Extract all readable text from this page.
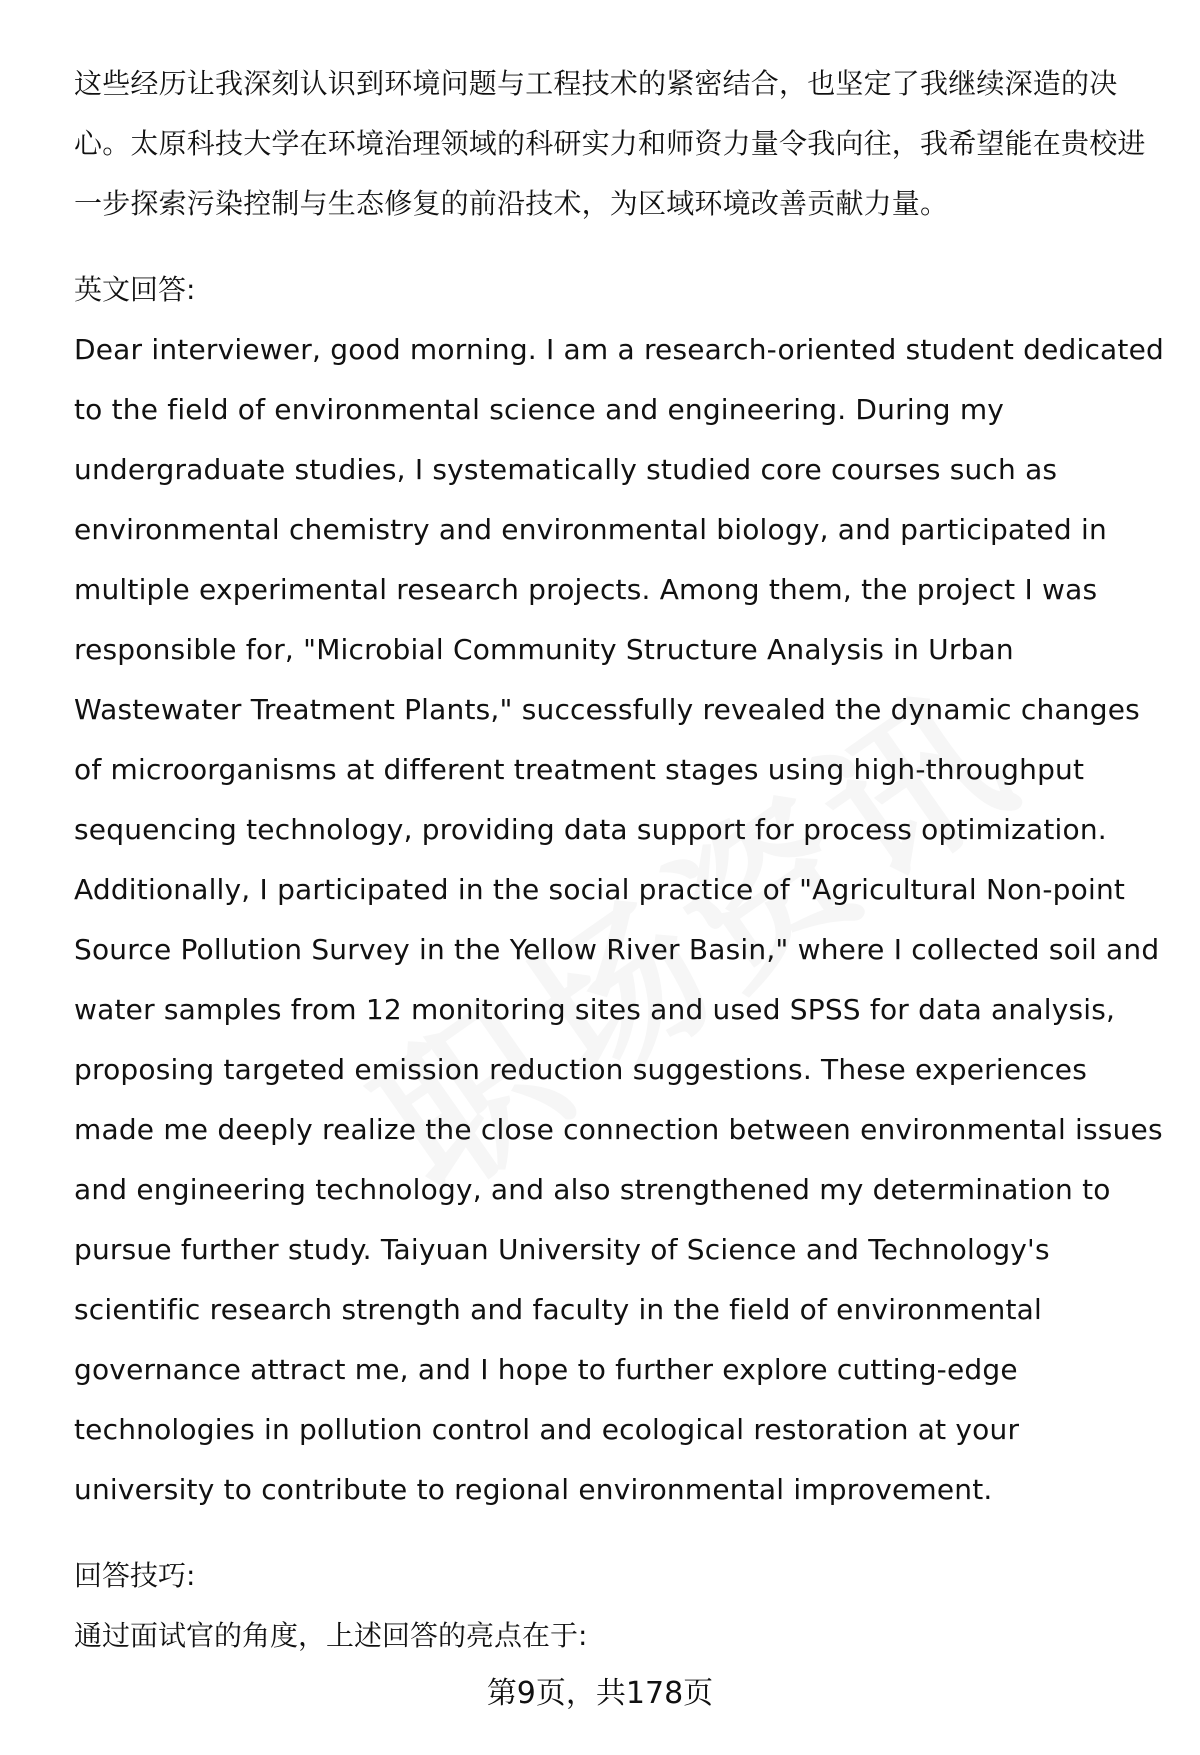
这些经历让我深刻认识到环境问题与工程技术的紧密结合，也坚定了我继续深造的决心。太原科技大学在环境治理领域的科研实力和师资力量令我向往，我希望能在贵校进一步探索污染控制与生态修复的前沿技术，为区域环境改善贡献力量。

英文回答:

Dear interviewer, good morning. I am a research-oriented student dedicated to the field of environmental science and engineering. During my undergraduate studies, I systematically studied core courses such as environmental chemistry and environmental biology, and participated in multiple experimental research projects. Among them, the project I was responsible for, "Microbial Community Structure Analysis in Urban Wastewater Treatment Plants," successfully revealed the dynamic changes of microorganisms at different treatment stages using high-throughput sequencing technology, providing data support for process optimization. Additionally, I participated in the social practice of "Agricultural Non-point Source Pollution Survey in the Yellow River Basin," where I collected soil and water samples from 12 monitoring sites and used SPSS for data analysis, proposing targeted emission reduction suggestions. These experiences made me deeply realize the close connection between environmental issues and engineering technology, and also strengthened my determination to pursue further study. Taiyuan University of Science and Technology's scientific research strength and faculty in the field of environmental governance attract me, and I hope to further explore cutting-edge technologies in pollution control and ecological restoration at your university to contribute to regional environmental improvement.

回答技巧:

通过面试官的角度，上述回答的亮点在于:

第9页，共178页
